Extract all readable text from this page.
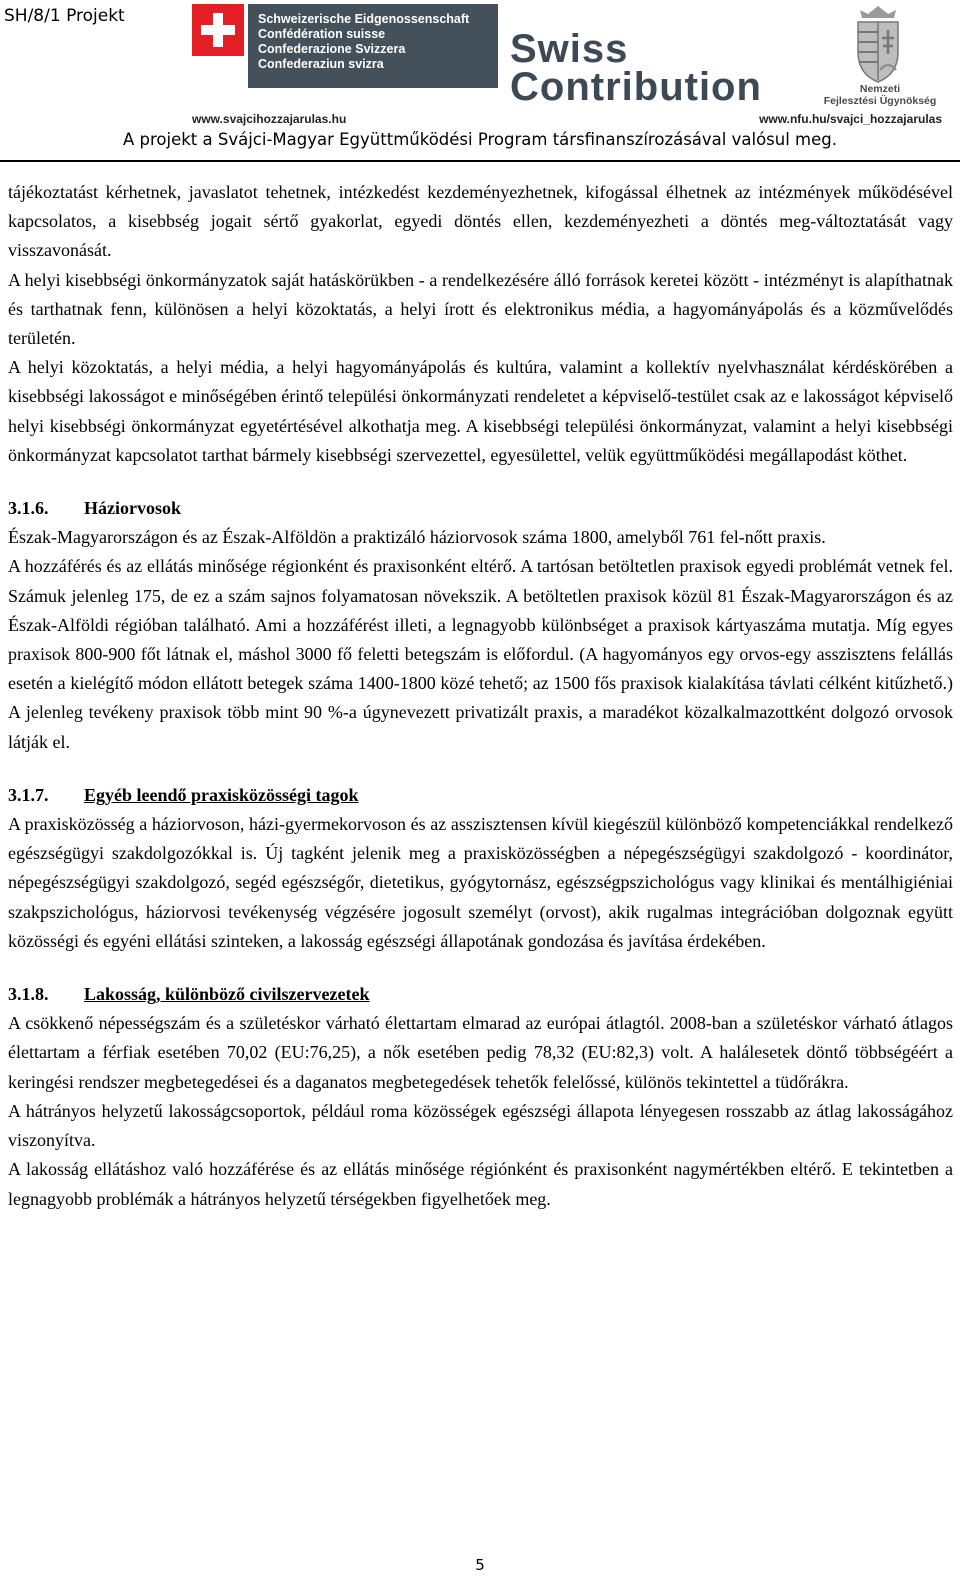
SH/8/1 Projekt	Schweizerische Eidgenossenschaft
Confédération suisse
Confederazione Svizzera
Confederaziun svizra	Swiss
Contribution	Nemzeti
Fejlesztési Ügynökség
www.svajcihozzajarulas.hu	www.nfu.hu/svajci_hozzajarulas
A projekt a Svájci-Magyar Együttműködési Program társfinanszírozásával valósul meg.

tájékoztatást kérhetnek, javaslatot tehetnek, intézkedést kezdeményezhetnek, kifogással élhetnek az intézmények működésével kapcsolatos, a kisebbség jogait sértő gyakorlat, egyedi döntés ellen, kezdeményezheti a döntés meg-változtatását vagy visszavonását.

A helyi kisebbségi önkormányzatok saját hatáskörükben - a rendelkezésére álló források keretei között - intézményt is alapíthatnak és tarthatnak fenn, különösen a helyi közoktatás, a helyi írott és elektronikus média, a hagyományápolás és a közművelődés területén.

A helyi közoktatás, a helyi média, a helyi hagyományápolás és kultúra, valamint a kollektív nyelvhasználat kérdéskörében a kisebbségi lakosságot e minőségében érintő települési önkormányzati rendeletet a képviselő-testület csak az e lakosságot képviselő helyi kisebbségi önkormányzat egyetértésével alkothatja meg. A kisebbségi települési önkormányzat, valamint a helyi kisebbségi önkormányzat kapcsolatot tarthat bármely kisebbségi szervezettel, egyesülettel, velük együttműködési megállapodást köthet.

3.1.6. Háziorvosok

Észak-Magyarországon és az Észak-Alföldön a praktizáló háziorvosok száma 1800, amelyből 761 fel-nőtt praxis.

A hozzáférés és az ellátás minősége régionként és praxisonként eltérő. A tartósan betöltetlen praxisok egyedi problémát vetnek fel. Számuk jelenleg 175, de ez a szám sajnos folyamatosan növekszik. A betöltetlen praxisok közül 81 Észak-Magyarországon és az Észak-Alföldi régióban található. Ami a hozzáférést illeti, a legnagyobb különbséget a praxisok kártyaszáma mutatja. Míg egyes praxisok 800-900 főt látnak el, máshol 3000 fő feletti betegszám is előfordul. (A hagyományos egy orvos-egy asszisztens felállás esetén a kielégítő módon ellátott betegek száma 1400-1800 közé tehető; az 1500 fős praxisok kialakítása távlati célként kitűzhető.) A jelenleg tevékeny praxisok több mint 90 %-a úgynevezett privatizált praxis, a maradékot közalkalmazottként dolgozó orvosok látják el.

3.1.7. Egyéb leendő praxisközösségi tagok

A praxisközösség a háziorvoson, házi-gyermekorvoson és az asszisztensen kívül kiegészül különböző kompetenciákkal rendelkező egészségügyi szakdolgozókkal is. Új tagként jelenik meg a praxisközösségben a népegészségügyi szakdolgozó - koordinátor, népegészségügyi szakdolgozó, segéd egészségőr, dietetikus, gyógytornász, egészségpszichológus vagy klinikai és mentálhigiéniai szakpszichológus, háziorvosi tevékenység végzésére jogosult személyt (orvost), akik rugalmas integrációban dolgoznak együtt közösségi és egyéni ellátási szinteken, a lakosság egészségi állapotának gondozása és javítása érdekében.

3.1.8. Lakosság, különböző civilszervezetek

A csökkenő népességszám és a születéskor várható élettartam elmarad az európai átlagtól. 2008-ban a születéskor várható átlagos élettartam a férfiak esetében 70,02 (EU:76,25), a nők esetében pedig 78,32 (EU:82,3) volt. A halálesetek döntő többségéért a keringési rendszer megbetegedései és a daganatos megbetegedések tehetők felelőssé, különös tekintettel a tüdőrákra.

A hátrányos helyzetű lakosságcsoportok, például roma közösségek egészségi állapota lényegesen rosszabb az átlag lakosságához viszonyítva.

A lakosság ellátáshoz való hozzáférése és az ellátás minősége régiónként és praxisonként nagymértékben eltérő. E tekintetben a legnagyobb problémák a hátrányos helyzetű térségekben figyelhetőek meg.

5
